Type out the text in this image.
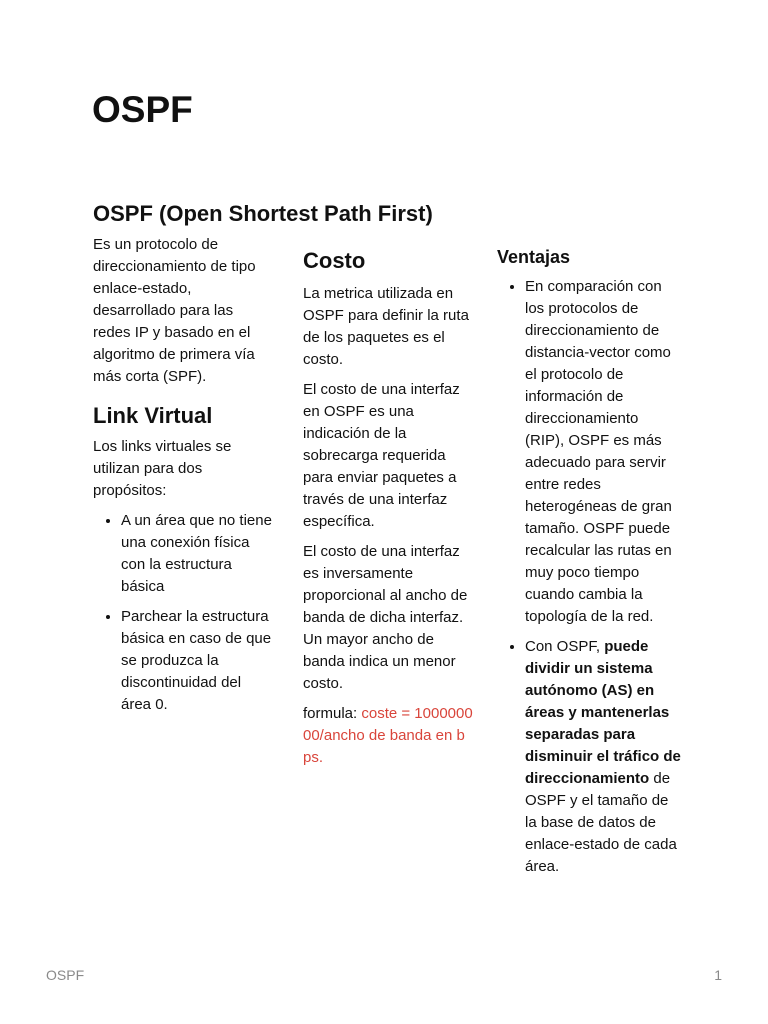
OSPF
OSPF (Open Shortest Path First)

Es un protocolo de direccionamiento de tipo enlace-estado, desarrollado para las redes IP y basado en el algoritmo de primera vía más corta (SPF).

Link Virtual

Los links virtuales se utilizan para dos propósitos:

• A un área que no tiene una conexión física con la estructura básica
• Parchear la estructura básica en caso de que se produzca la discontinuidad del área 0.
Costo

La metrica utilizada en OSPF para definir la ruta de los paquetes es el costo.

El costo de una interfaz en OSPF es una indicación de la sobrecarga requerida para enviar paquetes a través de una interfaz específica.

El costo de una interfaz es inversamente proporcional al ancho de banda de dicha interfaz. Un mayor ancho de banda indica un menor costo.

formula: coste = 100000000/ancho de banda en bps.

Ventajas
• En comparación con los protocolos de direccionamiento de distancia-vector como el protocolo de información de direccionamiento (RIP), OSPF es más adecuado para servir entre redes heterogéneas de gran tamaño. OSPF puede recalcular las rutas en muy poco tiempo cuando cambia la topología de la red.
• Con OSPF, puede dividir un sistema autónomo (AS) en áreas y mantenerlas separadas para disminuir el tráfico de direccionamiento de OSPF y el tamaño de la base de datos de enlace-estado de cada área.
OSPF	1
